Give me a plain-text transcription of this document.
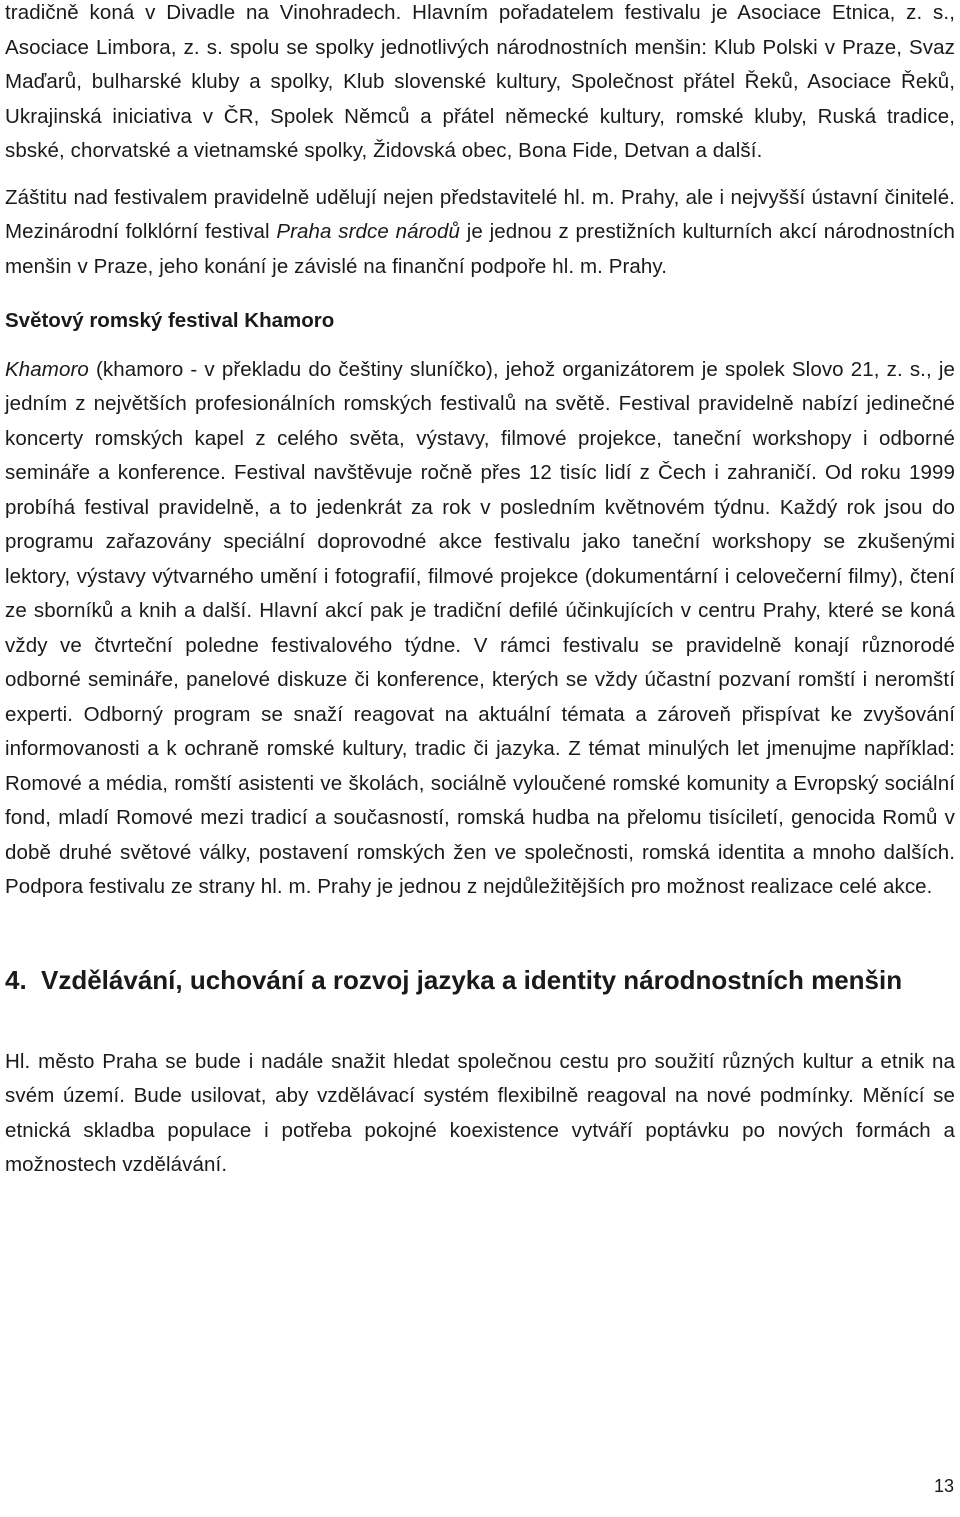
tradičně koná v Divadle na Vinohradech. Hlavním pořadatelem festivalu je Asociace Etnica, z. s., Asociace Limbora, z. s. spolu se spolky jednotlivých národnostních menšin: Klub Polski v Praze, Svaz Maďarů, bulharské kluby a spolky, Klub slovenské kultury, Společnost přátel Řeků, Asociace Řeků, Ukrajinská iniciativa v ČR, Spolek Němců a přátel německé kultury, romské kluby, Ruská tradice, sbské, chorvatské a vietnamské spolky, Židovská obec, Bona Fide, Detvan a další.

Záštitu nad festivalem pravidelně udělují nejen představitelé hl. m. Prahy, ale i nejvyšší ústavní činitelé. Mezinárodní folklórní festival Praha srdce národů je jednou z prestižních kulturních akcí národnostních menšin v Praze, jeho konání je závislé na finanční podpoře hl. m. Prahy.

Světový romský festival Khamoro

Khamoro (khamoro - v překladu do češtiny sluníčko), jehož organizátorem je spolek Slovo 21, z. s., je jedním z největších profesionálních romských festivalů na světě. Festival pravidelně nabízí jedinečné koncerty romských kapel z celého světa, výstavy, filmové projekce, taneční workshopy i odborné semináře a konference. Festival navštěvuje ročně přes 12 tisíc lidí z Čech i zahraničí. Od roku 1999 probíhá festival pravidelně, a to jedenkrát za rok v posledním květnovém týdnu. Každý rok jsou do programu zařazovány speciální doprovodné akce festivalu jako taneční workshopy se zkušenými lektory, výstavy výtvarného umění i fotografií, filmové projekce (dokumentární i celovečerní filmy), čtení ze sborníků a knih a další. Hlavní akcí pak je tradiční defilé účinkujících v centru Prahy, které se koná vždy ve čtvrteční poledne festivalového týdne. V rámci festivalu se pravidelně konají různorodé odborné semináře, panelové diskuze či konference, kterých se vždy účastní pozvaní romští i neromští experti. Odborný program se snaží reagovat na aktuální témata a zároveň přispívat ke zvyšování informovanosti a k ochraně romské kultury, tradic či jazyka. Z témat minulých let jmenujme například: Romové a média, romští asistenti ve školách, sociálně vyloučené romské komunity a Evropský sociální fond, mladí Romové mezi tradicí a současností, romská hudba na přelomu tisíciletí, genocida Romů v době druhé světové války, postavení romských žen ve společnosti, romská identita a mnoho dalších. Podpora festivalu ze strany hl. m. Prahy je jednou z nejdůležitějších pro možnost realizace celé akce.

4. Vzdělávání, uchování a rozvoj jazyka a identity národnostních menšin

Hl. město Praha se bude i nadále snažit hledat společnou cestu pro soužití různých kultur a etnik na svém území. Bude usilovat, aby vzdělávací systém flexibilně reagoval na nové podmínky. Měnící se etnická skladba populace i potřeba pokojné koexistence vytváří poptávku po nových formách a možnostech vzdělávání.

13
